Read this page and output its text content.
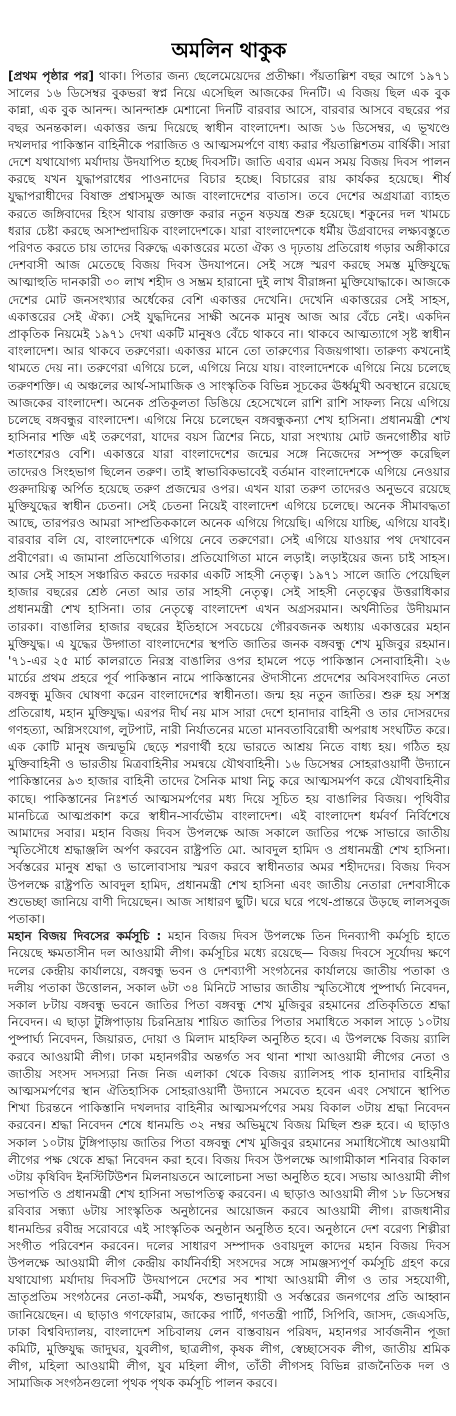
অমলিন থাকুক

[প্রথম পৃষ্ঠার পর] থাকা। পিতার জন্য ছেলেমেয়েদের প্রতীক্ষা। পঁয়তাল্লিশ বছর আগে ১৯৭১ সালের ১৬ ডিসেম্বর বুকভরা স্বপ্ন নিয়ে এসেছিল আজকের দিনটি। এ বিজয় ছিল এক বুক কান্না, এক বুক আনন্দ। আনন্দাশ্রু মেশানো দিনটি বারবার আসে, বারবার আসবে বছরের পর বছর অনন্তকাল। একাত্তর জন্ম দিয়েছে স্বাধীন বাংলাদেশ। আজ ১৬ ডিসেম্বর, এ ভূখণ্ডে দখলদার পাকিস্তান বাহিনীকে পরাজিত ও আত্মসমর্পণে বাধ্য করার পঁয়তাল্লিশতম বার্ষিকী। সারা দেশে যথাযোগ্য মর্যাদায় উদযাপিত হচ্ছে দিবসটি। জাতি এবার এমন সময় বিজয় দিবস পালন করছে যখন যুদ্ধাপরাধের পাওনাদের বিচার হচ্ছে। বিচারের রায় কার্যকর হয়েছে। শীর্ষ যুদ্ধাপরাধীদের বিষাক্ত প্রশ্বাসমুক্ত আজ বাংলাদেশের বাতাস। তবে দেশের অগ্রযাত্রা ব্যাহত করতে জঙ্গিবাদের হিংস থাবায় রক্তাক্ত করার নতুন ষড়যন্ত্র শুরু হয়েছে। শকুনের দল খামচে ধরার চেষ্টা করছে অসাম্প্রদায়িক বাংলাদেশকে। যারা বাংলাদেশকে ধর্মীয় উগ্রবাদের লক্ষ্যবস্তুতে পরিণত করতে চায় তাদের বিরুদ্ধে একাত্তরের মতো ঐক্য ও দৃঢ়তায় প্রতিরোধ গড়ার অঙ্গীকারে দেশবাসী আজ মেতেছে বিজয় দিবস উদযাপনে। সেই সঙ্গে স্মরণ করছে সমস্ত মুক্তিযুদ্ধে আত্মাহুতি দানকারী ৩০ লাখ শহীদ ও সম্ভ্রম হারানো দুই লাখ বীরাঙ্গনা মুক্তিযোদ্ধাকে। আজকে দেশের মোট জনসংখ্যার অর্ধেকের বেশি একাত্তর দেখেনি। দেখেনি একাত্তরের সেই সাহস, একাত্তরের সেই ঐক্য। সেই যুদ্ধদিনের সাক্ষী অনেক মানুষ আজ আর বেঁচে নেই। একদিন প্রাকৃতিক নিয়মেই ১৯৭১ দেখা একটি মানুষও বেঁচে থাকবে না। থাকবে আত্মত্যাগে সৃষ্ট স্বাধীন বাংলাদেশ। আর থাকবে তরুণেরা। একাত্তর মানে তো তারুণ্যের বিজয়গাথা। তারুণ্য কখনোই থামতে দেয় না। তরুণেরা এগিয়ে চলে, এগিয়ে নিয়ে যায়। বাংলাদেশকে এগিয়ে নিয়ে চলেছে তরুণশক্তি। এ অঞ্চলের আর্থ-সামাজিক ও সাংস্কৃতিক বিভিন্ন সূচকের ঊর্ধ্বমুখী অবস্থানে রয়েছে আজকের বাংলাদেশ। অনেক প্রতিকূলতা ডিঙিয়ে হেসেখেলে রাশি রাশি সাফল্য নিয়ে এগিয়ে চলেছে বঙ্গবন্ধুর বাংলাদেশ। এগিয়ে নিয়ে চলেছেন বঙ্গবন্ধুকন্যা শেখ হাসিনা। প্রধানমন্ত্রী শেখ হাসিনার শক্তি এই তরুণেরা, যাদের বয়স ত্রিশের নিচে, যারা সংখ্যায় মোট জনগোষ্ঠীর ষাট শতাংশেরও বেশি। একাত্তরে যারা বাংলাদেশের জন্মের সঙ্গে নিজেদের সম্পৃক্ত করেছিল তাদেরও সিংহভাগ ছিলেন তরুণ। তাই স্বাভাবিকভাবেই বর্তমান বাংলাদেশকে এগিয়ে নেওয়ার গুরুদায়িত্ব অর্পিত হয়েছে তরুণ প্রজন্মের ওপর। এখন যারা তরুণ তাদেরও অনুভবে রয়েছে মুক্তিযুদ্ধের স্বাধীন চেতনা। সেই চেতনা নিয়েই বাংলাদেশ এগিয়ে চলেছে। অনেক সীমাবদ্ধতা আছে, তারপরও আমরা সাম্প্রতিককালে অনেক এগিয়ে গিয়েছি। এগিয়ে যাচ্ছি, এগিয়ে যাবই। বারবার বলি যে, বাংলাদেশকে এগিয়ে নেবে তরুণেরা। সেই এগিয়ে যাওয়ার পথ দেখাবেন প্রবীণেরা। এ জামানা প্রতিযোগিতার। প্রতিযোগিতা মানে লড়াই। লড়াইয়ের জন্য চাই সাহস। আর সেই সাহস সঞ্চারিত করতে দরকার একটি সাহসী নেতৃত্ব। ১৯৭১ সালে জাতি পেয়েছিল হাজার বছরের শ্রেষ্ঠ নেতা আর তার সাহসী নেতৃত্ব। সেই সাহসী নেতৃত্বের উত্তরাধিকার প্রধানমন্ত্রী শেখ হাসিনা। তার নেতৃত্বে বাংলাদেশ এখন অগ্রসরমান। অর্থনীতির উদীয়মান তারকা। বাঙালির হাজার বছরের ইতিহাসে সবচেয়ে গৌরবজনক অধ্যায় একাত্তরের মহান মুক্তিযুদ্ধ। এ যুদ্ধের উদ্গাতা বাংলাদেশের স্থপতি জাতির জনক বঙ্গবন্ধু শেখ মুজিবুর রহমান। '৭১-এর ২৫ মার্চ কালরাতে নিরস্ত্র বাঙালির ওপর হামলে পড়ে পাকিস্তান সেনাবাহিনী। ২৬ মার্চের প্রথম প্রহরে পূর্ব পাকিস্তান নামে পাকিস্তানের ঔদাসীন্যে প্রদেশের অবিসংবাদিত নেতা বঙ্গবন্ধু মুজিব ঘোষণা করেন বাংলাদেশের স্বাধীনতা। জন্ম হয় নতুন জাতির। শুরু হয় সশস্ত্র প্রতিরোধ, মহান মুক্তিযুদ্ধ। এরপর দীর্ঘ নয় মাস সারা দেশে হানাদার বাহিনী ও তার দোসরদের গণহত্যা, অগ্নিসংযোগ, লুটপাট, নারী নির্যাতনের মতো মানবতাবিরোধী অপরাধ সংঘটিত করে। এক কোটি মানুষ জন্মভূমি ছেড়ে শরণার্থী হয়ে ভারতে আশ্রয় নিতে বাধ্য হয়। গঠিত হয় মুক্তিবাহিনী ও ভারতীয় মিত্রবাহিনীর সমন্বয়ে যৌথবাহিনী। ১৬ ডিসেম্বর সোহরাওয়ার্দী উদ্যানে পাকিস্তানের ৯৩ হাজার বাহিনী তাদের সৈনিক মাথা নিচু করে আত্মসমর্পণ করে যৌথবাহিনীর কাছে। পাকিস্তানের নিঃশর্ত আত্মসমর্পণের মধ্য দিয়ে সূচিত হয় বাঙালির বিজয়। পৃথিবীর মানচিত্রে আত্মপ্রকাশ করে স্বাধীন-সার্বভৌম বাংলাদেশ। এই বাংলাদেশ ধর্মবর্ণ নির্বিশেষে আমাদের সবার। মহান বিজয় দিবস উপলক্ষে আজ সকালে জাতির পক্ষে সাভারে জাতীয় স্মৃতিসৌধে শ্রদ্ধাঞ্জলি অর্পণ করবেন রাষ্ট্রপতি মো. আবদুল হামিদ ও প্রধানমন্ত্রী শেখ হাসিনা। সর্বস্তরের মানুষ শ্রদ্ধা ও ভালোবাসায় স্মরণ করবে স্বাধীনতার অমর শহীদদের। বিজয় দিবস উপলক্ষে রাষ্ট্রপতি আবদুল হামিদ, প্রধানমন্ত্রী শেখ হাসিনা এবং জাতীয় নেতারা দেশবাসীকে শুভেচ্ছা জানিয়ে বাণী দিয়েছেন। আজ সাধারণ ছুটি। ঘরে ঘরে পথে-প্রান্তরে উড়ছে লালসবুজ পতাকা।

মহান বিজয় দিবসের কর্মসূচি : মহান বিজয় দিবস উপলক্ষে তিন দিনব্যাপী কর্মসূচি হাতে নিয়েছে ক্ষমতাসীন দল আওয়ামী লীগ। কর্মসূচির মধ্যে রয়েছে— বিজয় দিবসে সূর্যোদয় ক্ষণে দলের কেন্দ্রীয় কার্যালয়ে, বঙ্গবন্ধু ভবন ও দেশব্যাপী সংগঠনের কার্যালয়ে জাতীয় পতাকা ও দলীয় পতাকা উত্তোলন, সকাল ৬টা ৩৪ মিনিটে সাভার জাতীয় স্মৃতিসৌধে পুষ্পার্ঘ্য নিবেদন, সকাল ৮টায় বঙ্গবন্ধু ভবনে জাতির পিতা বঙ্গবন্ধু শেখ মুজিবুর রহমানের প্রতিকৃতিতে শ্রদ্ধা নিবেদন। এ ছাড়া টুঙ্গিপাড়ায় চিরনিদ্রায় শায়িত জাতির পিতার সমাধিতে সকাল সাড়ে ১০টায় পুষ্পার্ঘ্য নিবেদন, জিয়ারত, দোয়া ও মিলাদ মাহফিল অনুষ্ঠিত হবে। এ উপলক্ষে বিজয় র‍্যালি করবে আওয়ামী লীগ। ঢাকা মহানগরীর অন্তর্গত সব থানা শাখা আওয়ামী লীগের নেতা ও জাতীয় সংসদ সদস্যরা নিজ নিজ এলাকা থেকে বিজয় র‍্যালিসহ পাক হানাদার বাহিনীর আত্মসমর্পণের স্থান ঐতিহাসিক সোহরাওয়ার্দী উদ্যানে সমবেত হবেন এবং সেখানে স্থাপিত শিখা চিরন্তনে পাকিস্তানি দখলদার বাহিনীর আত্মসমর্পণের সময় বিকাল ৩টায় শ্রদ্ধা নিবেদন করবেন। শ্রদ্ধা নিবেদন শেষে ধানমন্ডি ৩২ নম্বর অভিমুখে বিজয় মিছিল শুরু হবে। এ ছাড়াও সকাল ১০টায় টুঙ্গিপাড়ায় জাতির পিতা বঙ্গবন্ধু শেখ মুজিবুর রহমানের সমাধিসৌধে আওয়ামী লীগের পক্ষ থেকে শ্রদ্ধা নিবেদন করা হবে। বিজয় দিবস উপলক্ষে আগামীকাল শনিবার বিকাল ৩টায় কৃষিবিদ ইনস্টিটিউশন মিলনায়তনে আলোচনা সভা অনুষ্ঠিত হবে। সভায় আওয়ামী লীগ সভাপতি ও প্রধানমন্ত্রী শেখ হাসিনা সভাপতিত্ব করবেন। এ ছাড়াও আওয়ামী লীগ ১৮ ডিসেম্বর রবিবার সন্ধ্যা ৬টায় সাংস্কৃতিক অনুষ্ঠানের আয়োজন করবে আওয়ামী লীগ। রাজধানীর ধানমন্ডির রবীন্দ্র সরোবরে এই সাংস্কৃতিক অনুষ্ঠান অনুষ্ঠিত হবে। অনুষ্ঠানে দেশ বরেণ্য শিল্পীরা সংগীত পরিবেশন করবেন। দলের সাধারণ সম্পাদক ওবায়দুল কাদের মহান বিজয় দিবস উপলক্ষে আওয়ামী লীগ কেন্দ্রীয় কার্যনির্বাহী সংসদের সঙ্গে সামঞ্জস্যপূর্ণ কর্মসূচি গ্রহণ করে যথাযোগ্য মর্যাদায় দিবসটি উদযাপনে দেশের সব শাখা আওয়ামী লীগ ও তার সহযোগী, ভ্রাতৃপ্রতিম সংগঠনের নেতা-কর্মী, সমর্থক, শুভানুধ্যায়ী ও সর্বস্তরের জনগণের প্রতি আহ্বান জানিয়েছেন। এ ছাড়াও গণফোরাম, জাকের পার্টি, গণতন্ত্রী পার্টি, সিপিবি, জাসদ, জেএসডি, ঢাকা বিশ্ববিদ্যালয়, বাংলাদেশ সচিবালয় লেন বাস্তবায়ন পরিষদ, মহানগর সার্বজনীন পূজা কমিটি, মুক্তিযুদ্ধ জাদুঘর, যুবলীগ, ছাত্রলীগ, কৃষক লীগ, স্বেচ্ছাসেবক লীগ, জাতীয় শ্রমিক লীগ, মহিলা আওয়ামী লীগ, যুব মহিলা লীগ, তাঁতী লীগসহ বিভিন্ন রাজনৈতিক দল ও সামাজিক সংগঠনগুলো পৃথক পৃথক কর্মসূচি পালন করবে।
